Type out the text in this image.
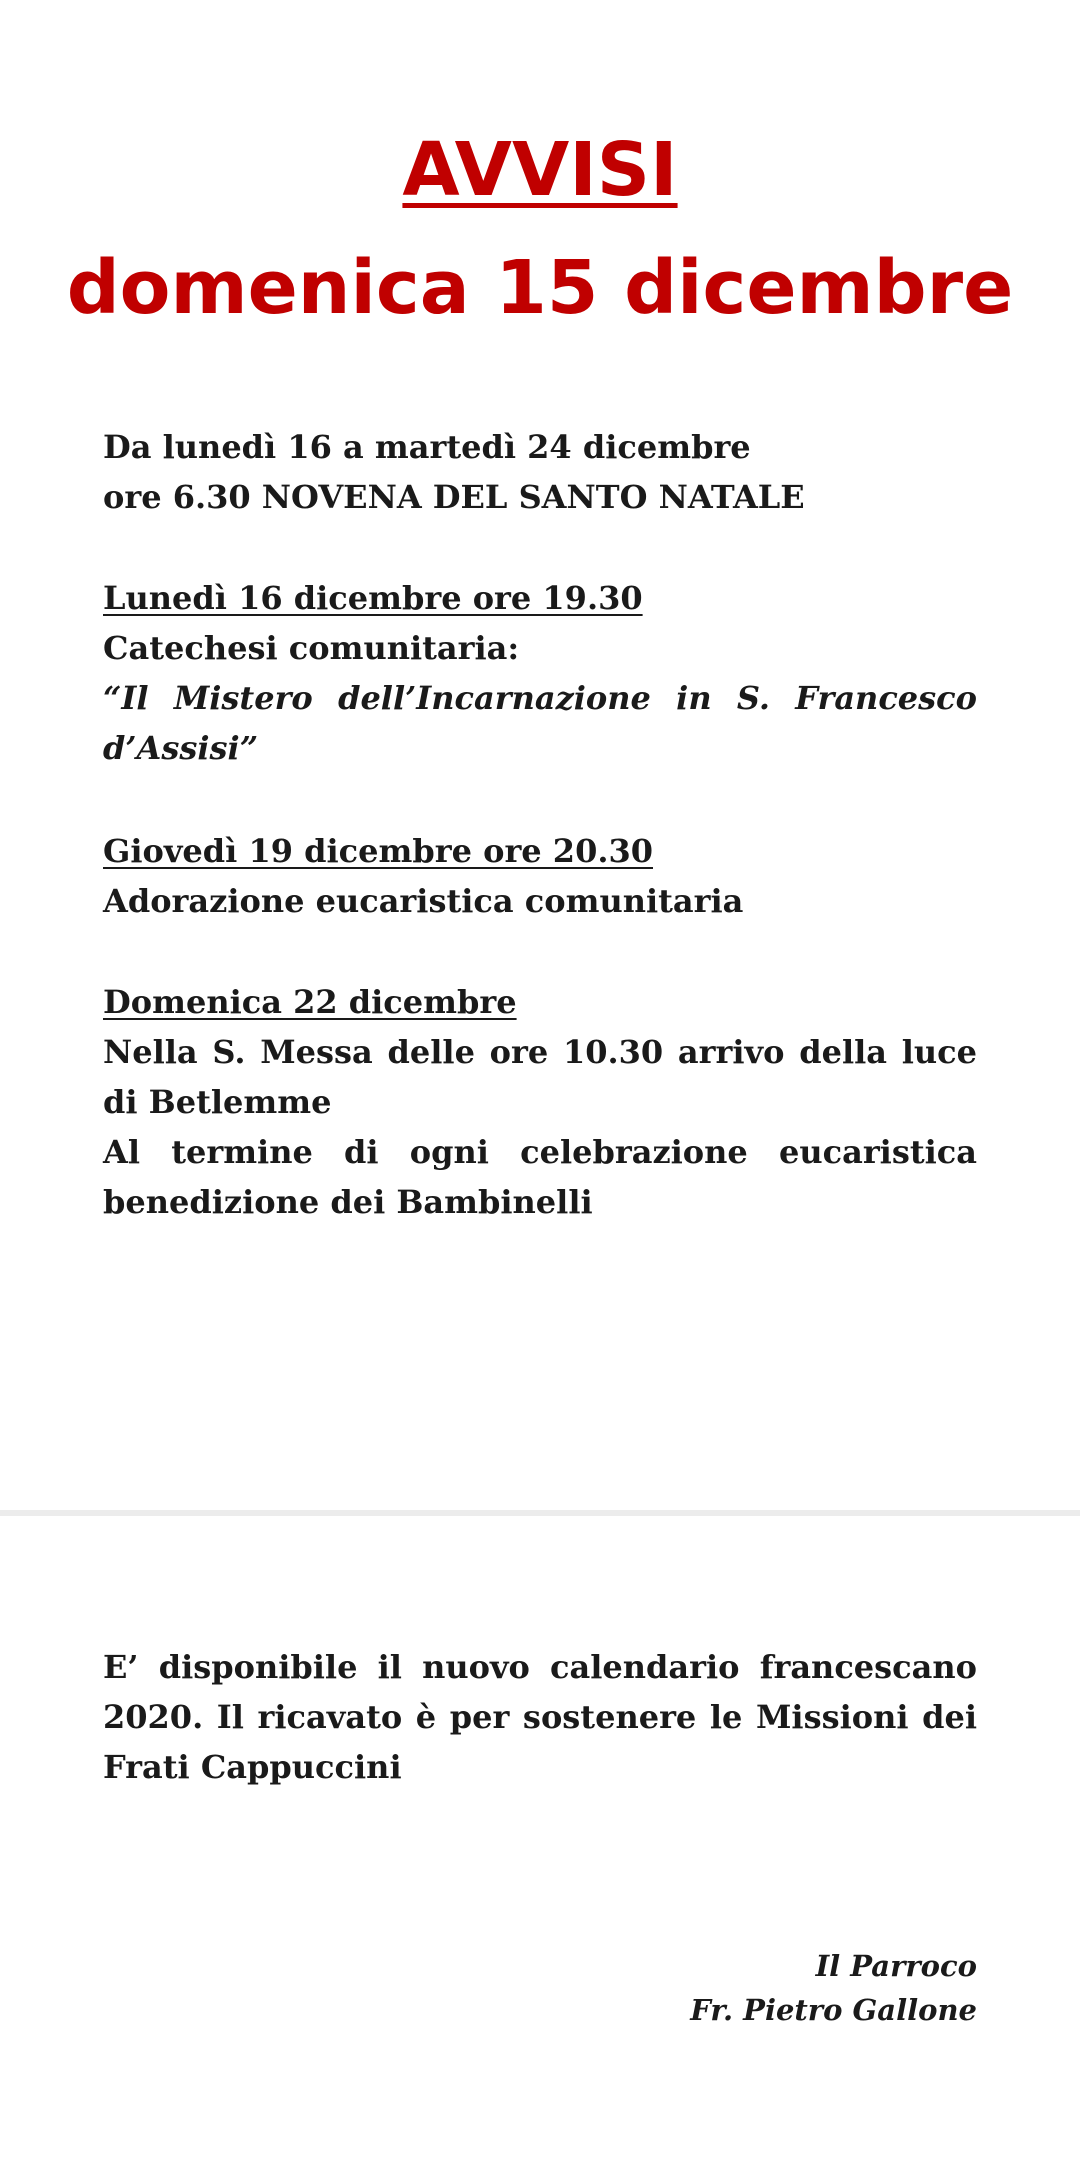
AVVISI
domenica 15 dicembre
Da lunedì 16 a martedì 24 dicembre
ore 6.30 NOVENA DEL SANTO NATALE
Lunedì 16 dicembre ore 19.30
Catechesi comunitaria:
“Il Mistero dell’Incarnazione in S. Francesco d’Assisi”
Giovedì 19 dicembre ore 20.30
Adorazione eucaristica comunitaria
Domenica 22 dicembre
Nella S. Messa delle ore 10.30 arrivo della luce di Betlemme
Al termine di ogni celebrazione eucaristica benedizione dei Bambinelli
E’ disponibile il nuovo calendario francescano 2020. Il ricavato è per sostenere le Missioni dei Frati Cappuccini
Il Parroco
Fr. Pietro Gallone
